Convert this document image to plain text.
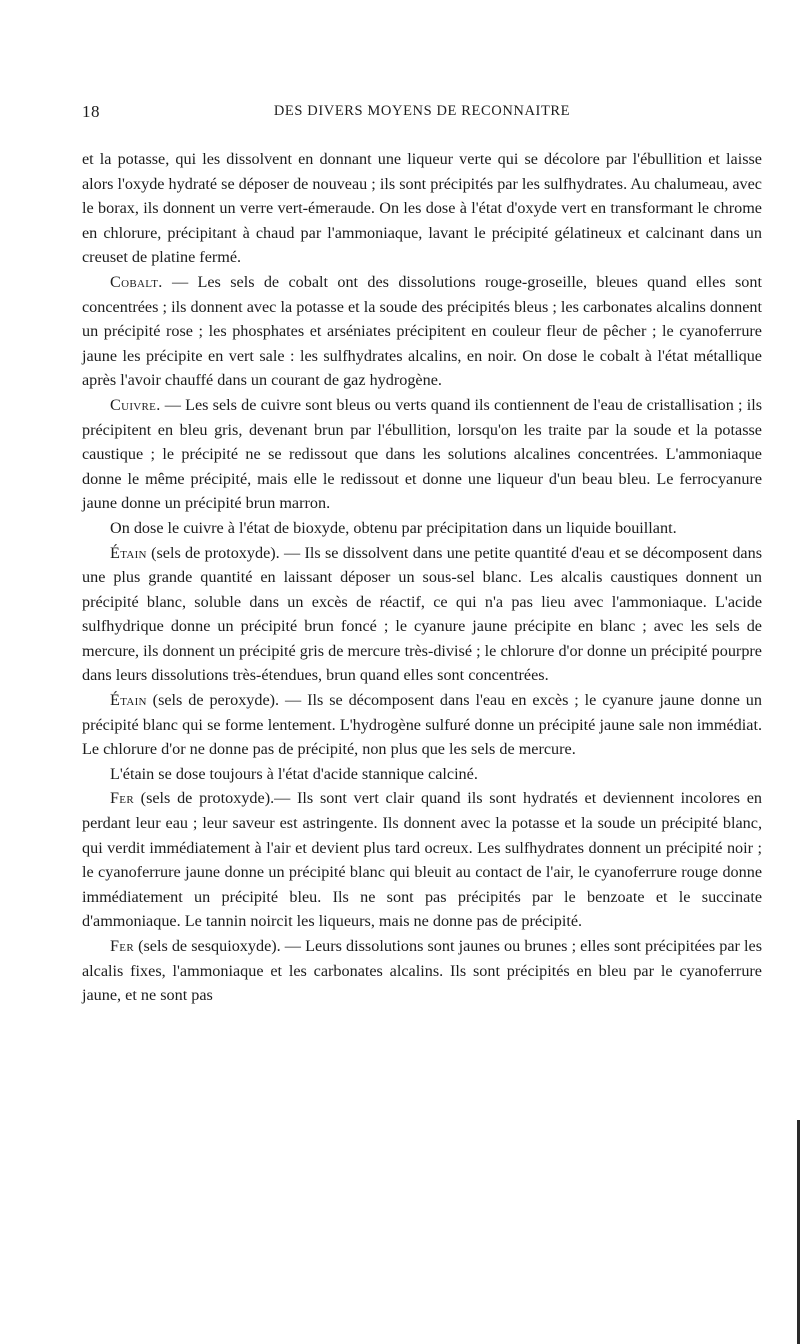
18	DES DIVERS MOYENS DE RECONNAITRE

et la potasse, qui les dissolvent en donnant une liqueur verte qui se décolore par l'ébullition et laisse alors l'oxyde hydraté se déposer de nouveau ; ils sont précipités par les sulfhydrates. Au chalumeau, avec le borax, ils donnent un verre vert-émeraude. On les dose à l'état d'oxyde vert en transformant le chrome en chlorure, précipitant à chaud par l'ammoniaque, lavant le précipité gélatineux et calcinant dans un creuset de platine fermé.

Cobalt. — Les sels de cobalt ont des dissolutions rouge-groseille, bleues quand elles sont concentrées ; ils donnent avec la potasse et la soude des précipités bleus ; les carbonates alcalins donnent un précipité rose ; les phosphates et arséniates précipitent en couleur fleur de pêcher ; le cyanoferrure jaune les précipite en vert sale : les sulfhydrates alcalins, en noir. On dose le cobalt à l'état métallique après l'avoir chauffé dans un courant de gaz hydrogène.

Cuivre. — Les sels de cuivre sont bleus ou verts quand ils contiennent de l'eau de cristallisation ; ils précipitent en bleu gris, devenant brun par l'ébullition, lorsqu'on les traite par la soude et la potasse caustique ; le précipité ne se redissout que dans les solutions alcalines concentrées. L'ammoniaque donne le même précipité, mais elle le redissout et donne une liqueur d'un beau bleu. Le ferrocyanure jaune donne un précipité brun marron.

On dose le cuivre à l'état de bioxyde, obtenu par précipitation dans un liquide bouillant.

Étain (sels de protoxyde). — Ils se dissolvent dans une petite quantité d'eau et se décomposent dans une plus grande quantité en laissant déposer un sous-sel blanc. Les alcalis caustiques donnent un précipité blanc, soluble dans un excès de réactif, ce qui n'a pas lieu avec l'ammoniaque. L'acide sulfhydrique donne un précipité brun foncé ; le cyanure jaune précipite en blanc ; avec les sels de mercure, ils donnent un précipité gris de mercure très-divisé ; le chlorure d'or donne un précipité pourpre dans leurs dissolutions très-étendues, brun quand elles sont concentrées.

Étain (sels de peroxyde). — Ils se décomposent dans l'eau en excès ; le cyanure jaune donne un précipité blanc qui se forme lentement. L'hydrogène sulfuré donne un précipité jaune sale non immédiat. Le chlorure d'or ne donne pas de précipité, non plus que les sels de mercure.

L'étain se dose toujours à l'état d'acide stannique calciné.

Fer (sels de protoxyde).— Ils sont vert clair quand ils sont hydratés et deviennent incolores en perdant leur eau ; leur saveur est astringente. Ils donnent avec la potasse et la soude un précipité blanc, qui verdit immédiatement à l'air et devient plus tard ocreux. Les sulfhydrates donnent un précipité noir ; le cyanoferrure jaune donne un précipité blanc qui bleuit au contact de l'air, le cyanoferrure rouge donne immédiatement un précipité bleu. Ils ne sont pas précipités par le benzoate et le succinate d'ammoniaque. Le tannin noircit les liqueurs, mais ne donne pas de précipité.

Fer (sels de sesquioxyde). — Leurs dissolutions sont jaunes ou brunes ; elles sont précipitées par les alcalis fixes, l'ammoniaque et les carbonates alcalins. Ils sont précipités en bleu par le cyanoferrure jaune, et ne sont pas
